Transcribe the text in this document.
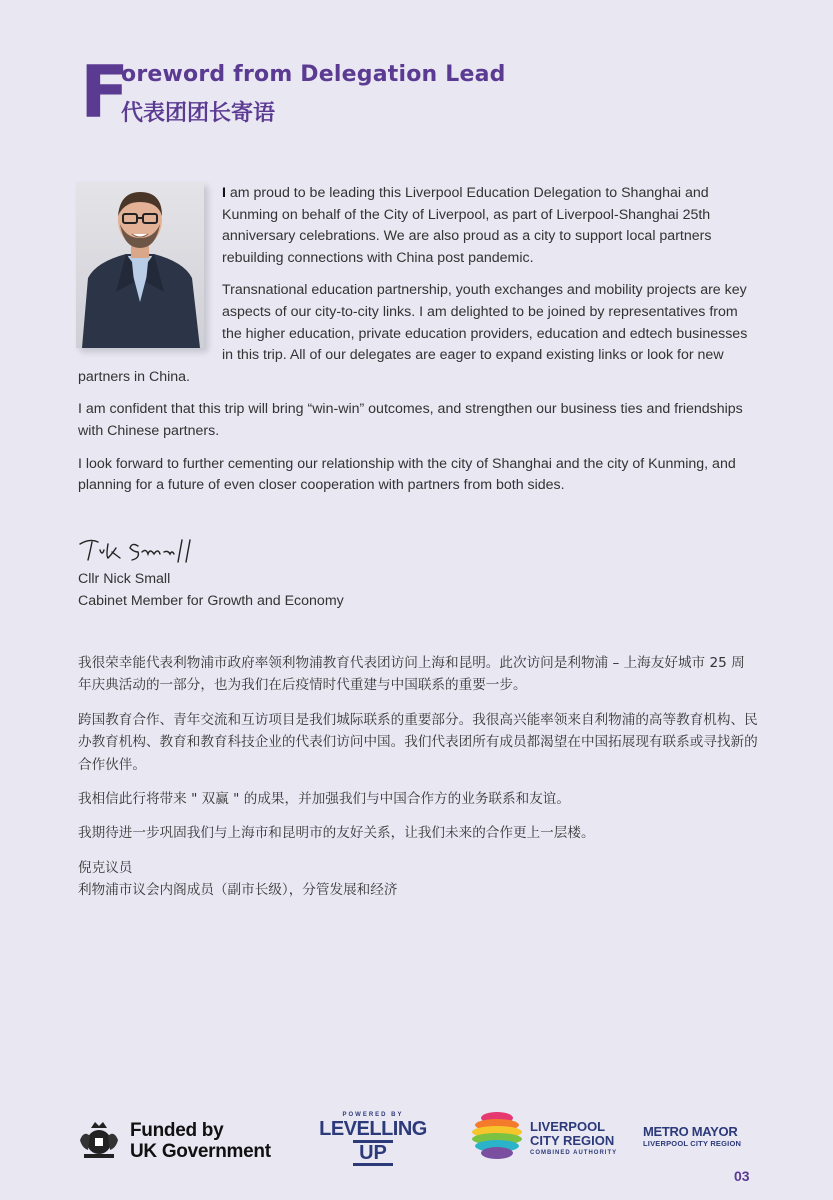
F
oreword from Delegation Lead
代表团团长寄语

I am proud to be leading this Liverpool Education Delegation to Shanghai and Kunming on behalf of the City of Liverpool, as part of Liverpool-Shanghai 25th anniversary celebrations. We are also proud as a city to support local partners rebuilding connections with China post pandemic.

Transnational education partnership, youth exchanges and mobility projects are key aspects of our city-to-city links. I am delighted to be joined by representatives from the higher education, private education providers, education and edtech businesses in this trip. All of our delegates are eager to expand existing links or look for new partners in China.

I am confident that this trip will bring “win-win” outcomes, and strengthen our business ties and friendships with Chinese partners.

I look forward to further cementing our relationship with the city of Shanghai and the city of Kunming, and planning for a future of even closer cooperation with partners from both sides.

Cllr Nick Small
Cabinet Member for Growth and Economy

我很荣幸能代表利物浦市政府率领利物浦教育代表团访问上海和昆明。此次访问是利物浦 – 上海友好城市 25 周年庆典活动的一部分，也为我们在后疫情时代重建与中国联系的重要一步。

跨国教育合作、青年交流和互访项目是我们城际联系的重要部分。我很高兴能率领来自利物浦的高等教育机构、民办教育机构、教育和教育科技企业的代表们访问中国。我们代表团所有成员都渴望在中国拓展现有联系或寻找新的合作伙伴。

我相信此行将带来 " 双赢 " 的成果，并加强我们与中国合作方的业务联系和友谊。

我期待进一步巩固我们与上海市和昆明市的友好关系，让我们未来的合作更上一层楼。

倪克议员
利物浦市议会内阁成员（副市长级），分管发展和经济
Funded by
UK Government
POWERED BY
LEVELLING
UP
LIVERPOOL
CITY REGION
COMBINED AUTHORITY
METRO MAYOR
LIVERPOOL CITY REGION
03
